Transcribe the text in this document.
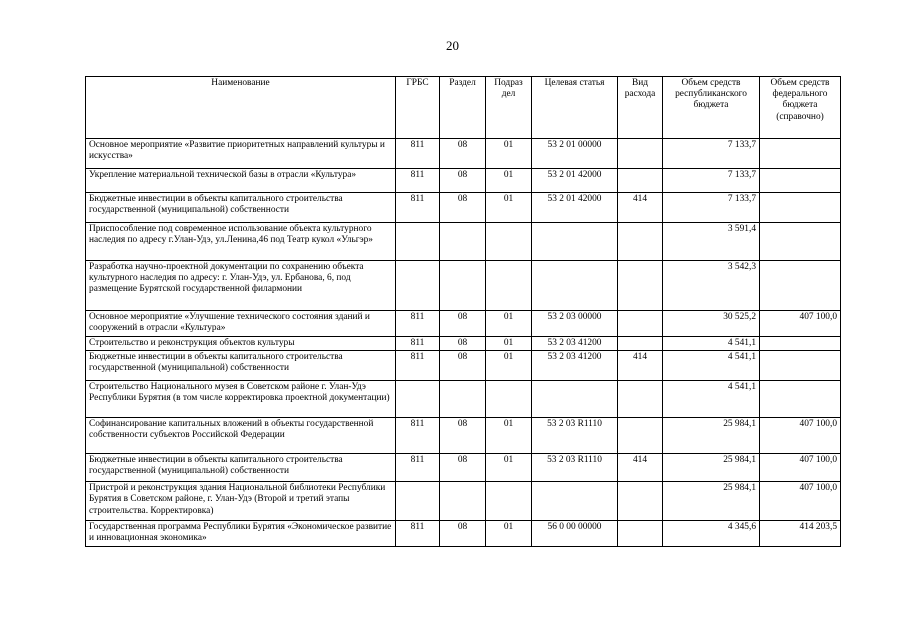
20
Наименование	ГРБС	Раздел	Подраз дел	Целевая статья	Вид расхода	Объем средств республиканского бюджета	Объем средств федерального бюджета (справочно)
Основное мероприятие «Развитие приоритетных направлений культуры и искусства»	811	08	01	53 2 01 00000		7 133,7	
Укрепление материальной технической базы в отрасли «Культура»	811	08	01	53 2 01 42000		7 133,7	
Бюджетные инвестиции в объекты капитального строительства государственной (муниципальной) собственности	811	08	01	53 2 01 42000	414	7 133,7	
Приспособление под современное использование объекта культурного наследия по адресу г.Улан-Удэ, ул.Ленина,46 под Театр кукол «Ульгэр»						3 591,4	
Разработка научно-проектной документации по сохранению объекта культурного наследия по адресу: г. Улан-Удэ, ул. Ербанова, 6, под размещение Бурятской государственной филармонии						3 542,3	
Основное мероприятие «Улучшение технического состояния зданий и сооружений в отрасли «Культура»	811	08	01	53 2 03 00000		30 525,2	407 100,0
Строительство и реконструкция объектов культуры	811	08	01	53 2 03 41200		4 541,1	
Бюджетные инвестиции в объекты капитального строительства государственной (муниципальной) собственности	811	08	01	53 2 03 41200	414	4 541,1	
Строительство Национального музея в Советском районе г. Улан-Удэ Республики Бурятия (в том числе корректировка проектной документации)						4 541,1	
Софинансирование капитальных вложений в объекты государственной собственности субъектов Российской Федерации	811	08	01	53 2 03 R1110		25 984,1	407 100,0
Бюджетные инвестиции в объекты капитального строительства государственной (муниципальной) собственности	811	08	01	53 2 03 R1110	414	25 984,1	407 100,0
Пристрой и реконструкция здания Национальной библиотеки Республики Бурятия в Советском районе, г. Улан-Удэ (Второй и третий этапы строительства. Корректировка)						25 984,1	407 100,0
Государственная программа Республики Бурятия «Экономическое развитие и инновационная экономика»	811	08	01	56 0 00 00000		4 345,6	414 203,5
